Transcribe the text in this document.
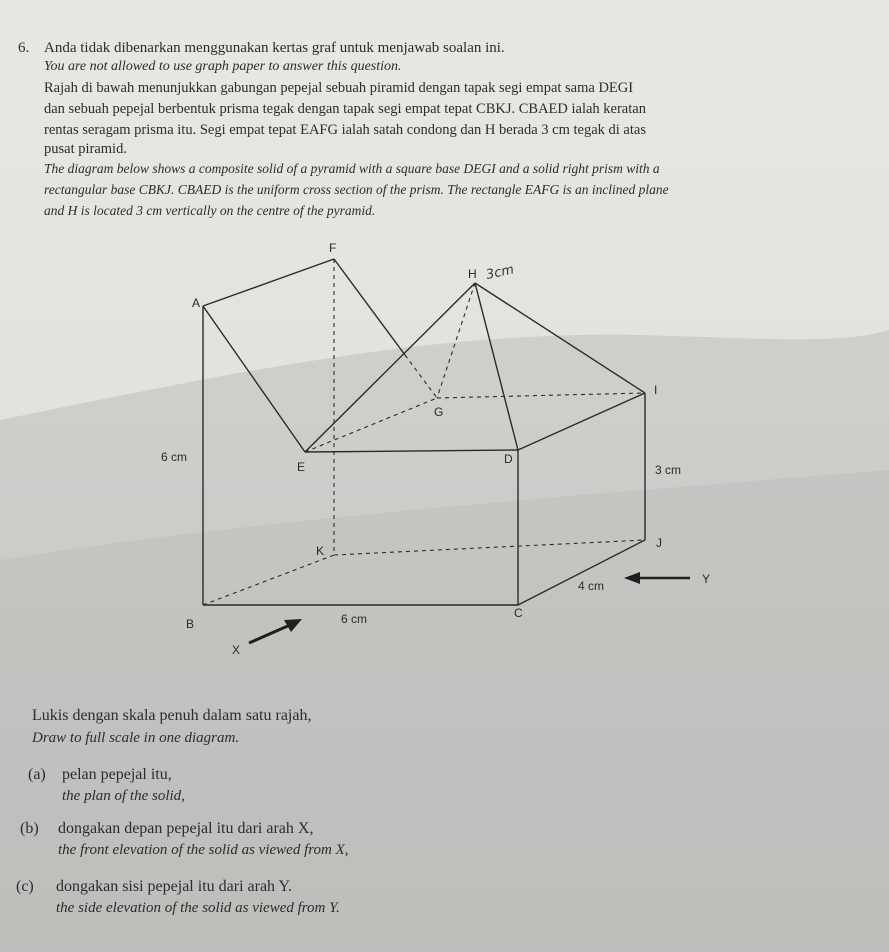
6. Anda tidak dibenarkan menggunakan kertas graf untuk menjawab soalan ini.
You are not allowed to use graph paper to answer this question.
Rajah di bawah menunjukkan gabungan pepejal sebuah piramid dengan tapak segi empat sama DEGI
dan sebuah pepejal berbentuk prisma tegak dengan tapak segi empat tepat CBKJ. CBAED ialah keratan
rentas seragam prisma itu. Segi empat tepat EAFG ialah satah condong dan H berada 3 cm tegak di atas
pusat piramid.
The diagram below shows a composite solid of a pyramid with a square base DEGI and a solid right prism with a
rectangular base CBKJ. CBAED is the uniform cross section of the prism. The rectangle EAFG is an inclined plane
and H is located 3 cm vertically on the centre of the pyramid.
F
H
A
G
I
E
D
K
J
B
C
X
Y
6 cm
3 cm
4 cm
6 cm
3cm
Lukis dengan skala penuh dalam satu rajah,
Draw to full scale in one diagram.
(a) pelan pepejal itu,
the plan of the solid,
(b) dongakan depan pepejal itu dari arah X,
the front elevation of the solid as viewed from X,
(c) dongakan sisi pepejal itu dari arah Y.
the side elevation of the solid as viewed from Y.
